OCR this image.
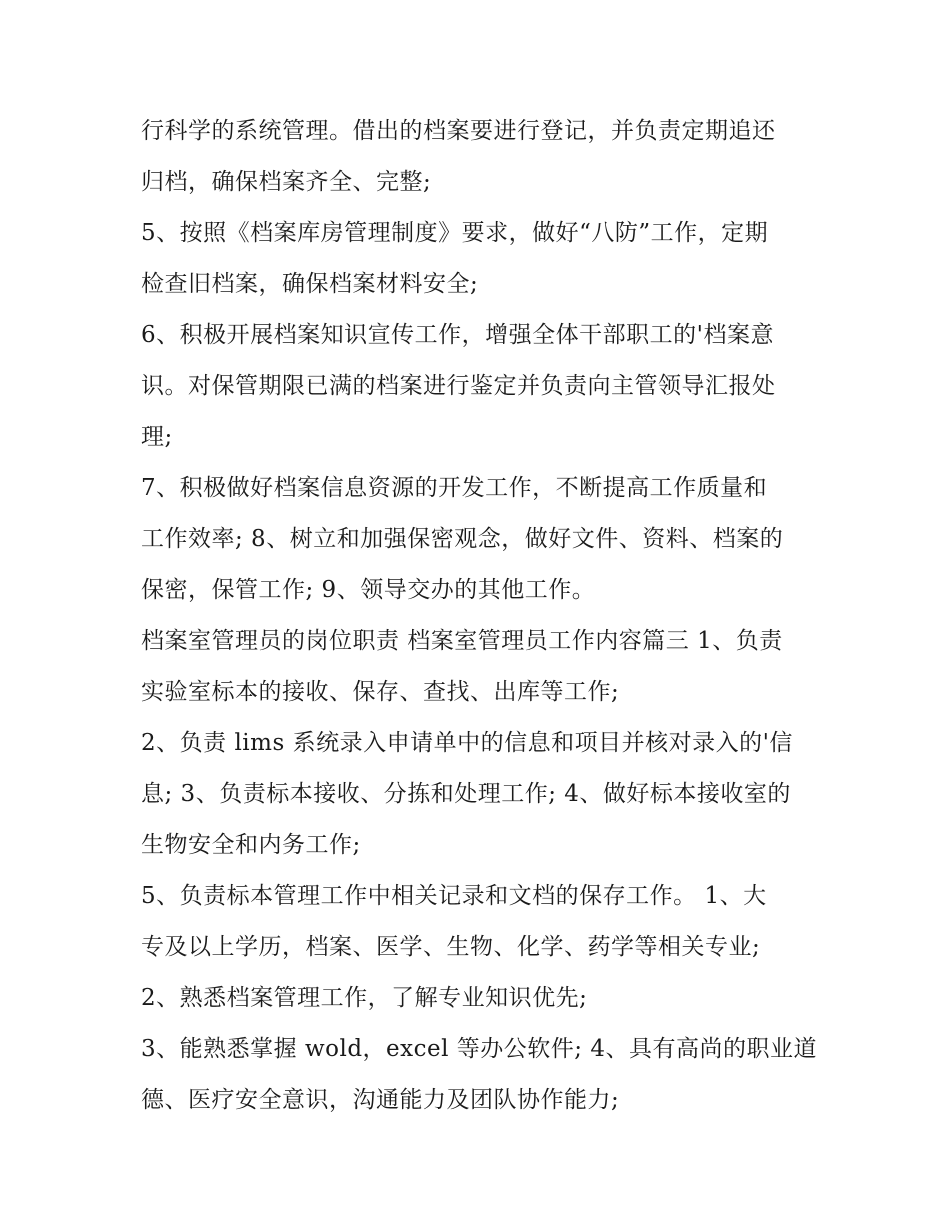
行科学的系统管理。借出的档案要进行登记，并负责定期追还
归档，确保档案齐全、完整;
5、按照《档案库房管理制度》要求，做好“八防”工作，定期
检查旧档案，确保档案材料安全;
6、积极开展档案知识宣传工作，增强全体干部职工的'档案意
识。对保管期限已满的档案进行鉴定并负责向主管领导汇报处
理;
7、积极做好档案信息资源的开发工作，不断提高工作质量和
工作效率; 8、树立和加强保密观念，做好文件、资料、档案的
保密，保管工作; 9、领导交办的其他工作。
档案室管理员的岗位职责 档案室管理员工作内容篇三 1、负责
实验室标本的接收、保存、查找、出库等工作;
2、负责 lims 系统录入申请单中的信息和项目并核对录入的'信
息; 3、负责标本接收、分拣和处理工作; 4、做好标本接收室的
生物安全和内务工作;
5、负责标本管理工作中相关记录和文档的保存工作。 1、大
专及以上学历，档案、医学、生物、化学、药学等相关专业;
2、熟悉档案管理工作，了解专业知识优先;
3、能熟悉掌握 wold，excel 等办公软件; 4、具有高尚的职业道
德、医疗安全意识，沟通能力及团队协作能力;
